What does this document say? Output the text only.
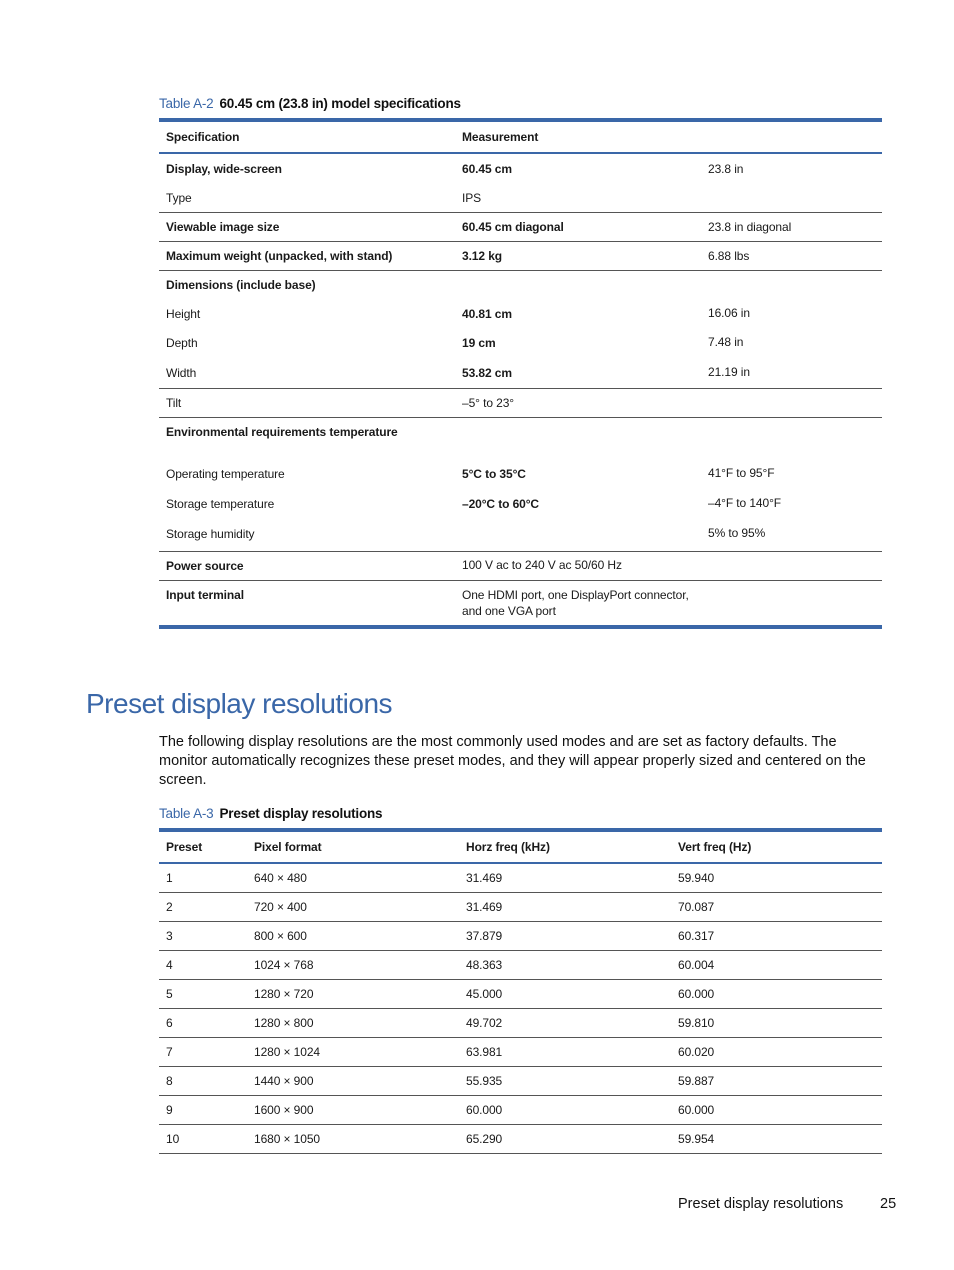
Table A-2 60.45 cm (23.8 in) model specifications
Specification	Measurement	
Display, wide-screen	60.45 cm	23.8 in
Type	IPS	
Viewable image size	60.45 cm diagonal	23.8 in diagonal
Maximum weight (unpacked, with stand)	3.12 kg	6.88 lbs
Dimensions (include base)		
Height	40.81 cm	16.06 in
Depth	19 cm	7.48 in
Width	53.82 cm	21.19 in
Tilt	–5° to 23°	
Environmental requirements temperature		
Operating temperature	5°C to 35°C	41°F to 95°F
Storage temperature	–20°C to 60°C	–4°F to 140°F
Storage humidity		5% to 95%
Power source	100 V ac to 240 V ac 50/60 Hz	
Input terminal	One HDMI port, one DisplayPort connector,
and one VGA port	

Preset display resolutions

The following display resolutions are the most commonly used modes and are set as factory defaults. The monitor automatically recognizes these preset modes, and they will appear properly sized and centered on the screen.

Table A-3 Preset display resolutions
Preset	Pixel format	Horz freq (kHz)	Vert freq (Hz)
1	640 × 480	31.469	59.940
2	720 × 400	31.469	70.087
3	800 × 600	37.879	60.317
4	1024 × 768	48.363	60.004
5	1280 × 720	45.000	60.000
6	1280 × 800	49.702	59.810
7	1280 × 1024	63.981	60.020
8	1440 × 900	55.935	59.887
9	1600 × 900	60.000	60.000
10	1680 × 1050	65.290	59.954
Preset display resolutions	25
